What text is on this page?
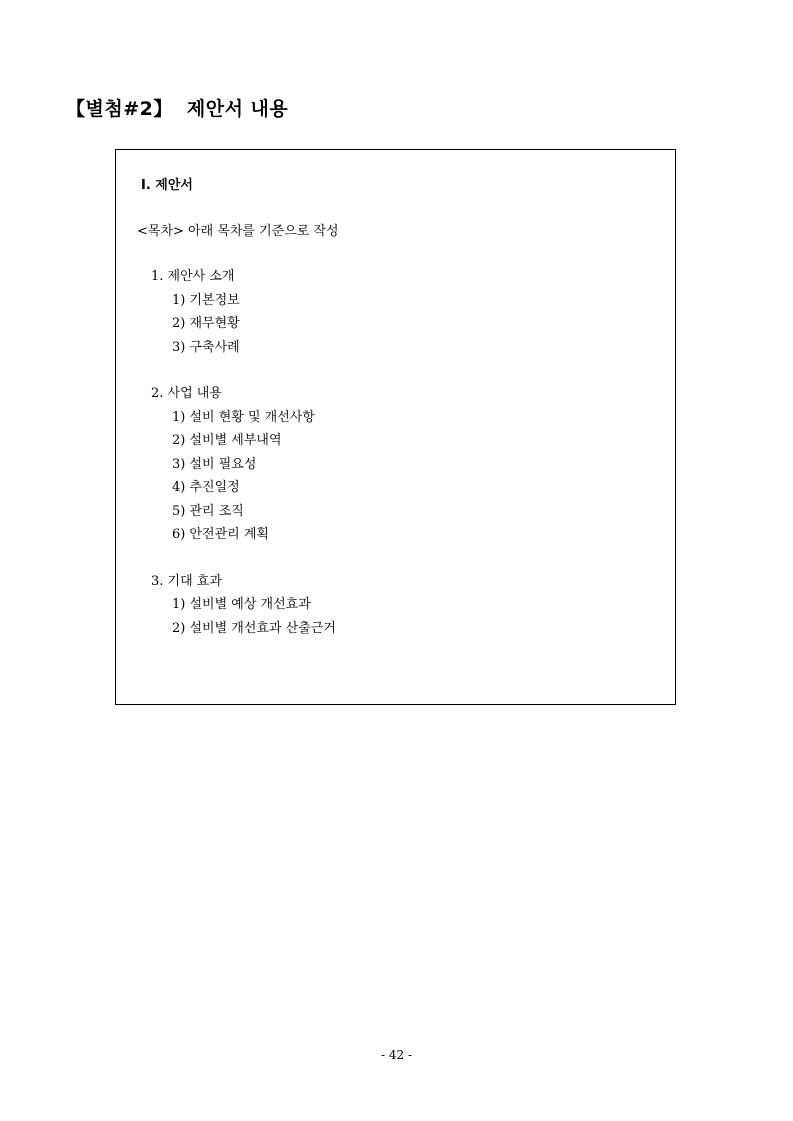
【별첨#2】 제안서 내용
Ⅰ. 제안서
<목차> 아래 목차를 기준으로 작성
1. 제안사 소개
1) 기본정보
2) 재무현황
3) 구축사례
2. 사업 내용
1) 설비 현황 및 개선사항
2) 설비별 세부내역
3) 설비 필요성
4) 추진일정
5) 관리 조직
6) 안전관리 계획
3. 기대 효과
1) 설비별 예상 개선효과
2) 설비별 개선효과 산출근거
- 42 -
